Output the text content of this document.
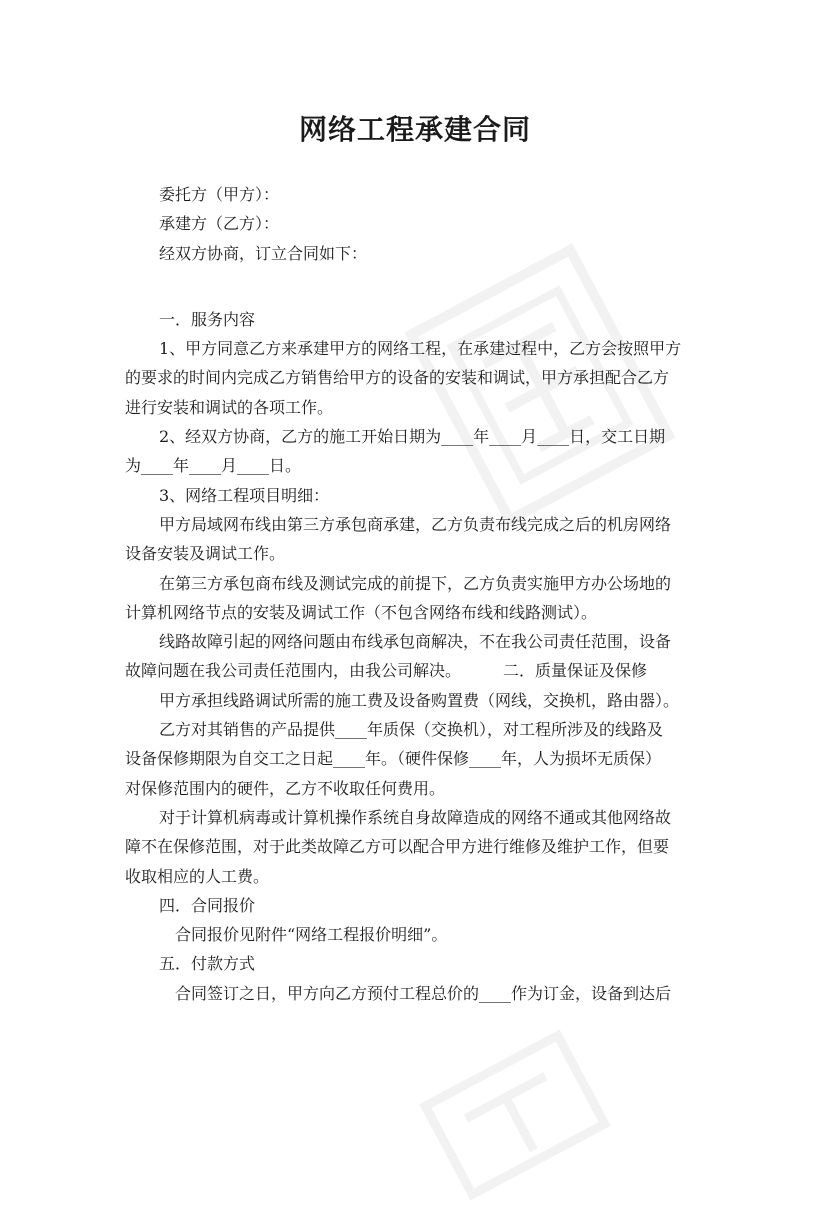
网络工程承建合同
委托方（甲方）：
承建方（乙方）：
经双方协商，订立合同如下：
一．服务内容
1、甲方同意乙方来承建甲方的网络工程，在承建过程中，乙方会按照甲方
的要求的时间内完成乙方销售给甲方的设备的安装和调试，甲方承担配合乙方
进行安装和调试的各项工作。
2、经双方协商，乙方的施工开始日期为____年____月____日，交工日期
为____年____月____日。
3、网络工程项目明细：
甲方局域网布线由第三方承包商承建，乙方负责布线完成之后的机房网络
设备安装及调试工作。
在第三方承包商布线及测试完成的前提下，乙方负责实施甲方办公场地的
计算机网络节点的安装及调试工作（不包含网络布线和线路测试）。
线路故障引起的网络问题由布线承包商解决，不在我公司责任范围，设备
故障问题在我公司责任范围内，由我公司解决。	二．质量保证及保修
甲方承担线路调试所需的施工费及设备购置费（网线，交换机，路由器）。
乙方对其销售的产品提供____年质保（交换机），对工程所涉及的线路及
设备保修期限为自交工之日起____年。（硬件保修____年，人为损坏无质保）
对保修范围内的硬件，乙方不收取任何费用。
对于计算机病毒或计算机操作系统自身故障造成的网络不通或其他网络故
障不在保修范围，对于此类故障乙方可以配合甲方进行维修及维护工作，但要
收取相应的人工费。
四．合同报价
合同报价见附件“网络工程报价明细”。
五．付款方式
合同签订之日，甲方向乙方预付工程总价的____作为订金，设备到达后
